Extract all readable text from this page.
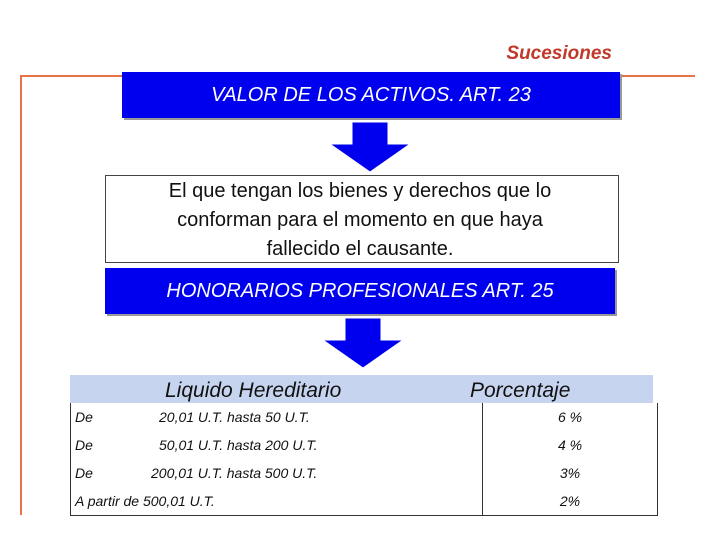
Sucesiones
VALOR DE LOS ACTIVOS. ART. 23
El que tengan los bienes y derechos que lo
conforman para el momento en que haya
fallecido el causante.
HONORARIOS PROFESIONALES ART. 25
Liquido Hereditario	Porcentaje
De	20,01 U.T. hasta 50 U.T.	6 %
De	50,01 U.T. hasta 200 U.T.	4 %
De	200,01 U.T. hasta 500 U.T.	3%
A partir de 500,01 U.T.	2%
